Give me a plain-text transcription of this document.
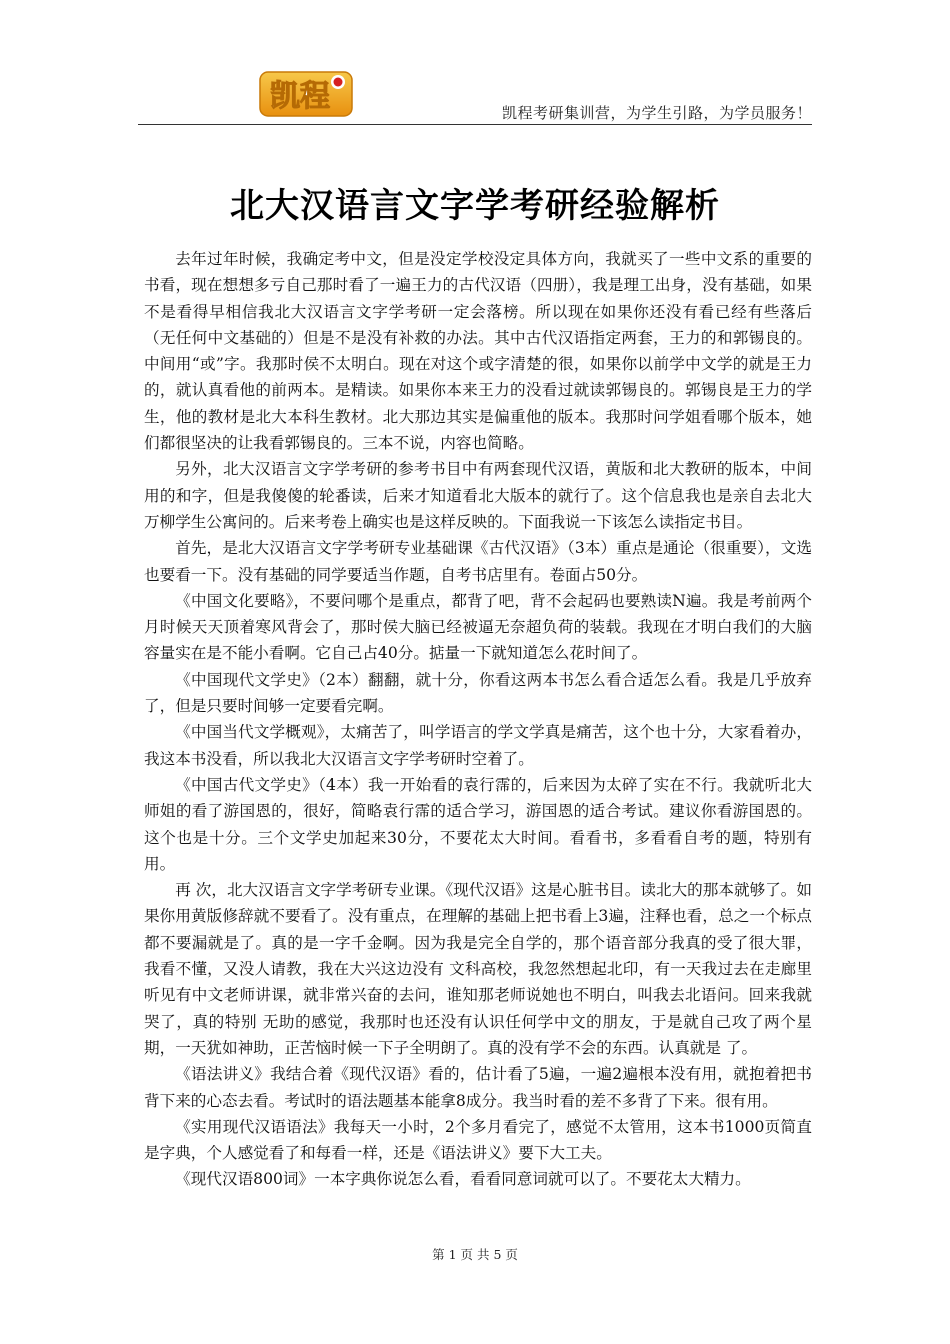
凯程	凯程考研集训营，为学生引路，为学员服务！
北大汉语言文字学考研经验解析

去年过年时候，我确定考中文，但是没定学校没定具体方向，我就买了一些中文系的重要的书看，现在想想多亏自己那时看了一遍王力的古代汉语（四册），我是理工出身，没有基础，如果不是看得早相信我北大汉语言文字学考研一定会落榜。所以现在如果你还没有看已经有些落后（无任何中文基础的）但是不是没有补救的办法。其中古代汉语指定两套，王力的和郭锡良的。中间用“或”字。我那时侯不太明白。现在对这个或字清楚的很，如果你以前学中文学的就是王力的，就认真看他的前两本。是精读。如果你本来王力的没看过就读郭锡良的。郭锡良是王力的学生，他的教材是北大本科生教材。北大那边其实是偏重他的版本。我那时问学姐看哪个版本，她们都很坚决的让我看郭锡良的。三本不说，内容也简略。

另外，北大汉语言文字学考研的参考书目中有两套现代汉语，黄版和北大教研的版本，中间用的和字，但是我傻傻的轮番读，后来才知道看北大版本的就行了。这个信息我也是亲自去北大万柳学生公寓问的。后来考卷上确实也是这样反映的。下面我说一下该怎么读指定书目。

首先，是北大汉语言文字学考研专业基础课《古代汉语》（3本）重点是通论（很重要），文选也要看一下。没有基础的同学要适当作题，自考书店里有。卷面占50分。

《中国文化要略》，不要问哪个是重点，都背了吧，背不会起码也要熟读N遍。我是考前两个月时候天天顶着寒风背会了，那时侯大脑已经被逼无奈超负荷的装载。我现在才明白我们的大脑容量实在是不能小看啊。它自己占40分。掂量一下就知道怎么花时间了。

《中国现代文学史》（2本）翻翻，就十分，你看这两本书怎么看合适怎么看。我是几乎放弃了，但是只要时间够一定要看完啊。

《中国当代文学概观》，太痛苦了，叫学语言的学文学真是痛苦，这个也十分，大家看着办，我这本书没看，所以我北大汉语言文字学考研时空着了。

《中国古代文学史》（4本）我一开始看的袁行霈的，后来因为太碎了实在不行。我就听北大师姐的看了游国恩的，很好，简略袁行霈的适合学习，游国恩的适合考试。建议你看游国恩的。这个也是十分。三个文学史加起来30分，不要花太大时间。看看书，多看看自考的题，特别有用。

再 次，北大汉语言文字学考研专业课。《现代汉语》这是心脏书目。读北大的那本就够了。如果你用黄版修辞就不要看了。没有重点，在理解的基础上把书看上3遍，注释也看，总之一个标点都不要漏就是了。真的是一字千金啊。因为我是完全自学的，那个语音部分我真的受了很大罪，我看不懂，又没人请教，我在大兴这边没有 文科高校，我忽然想起北印，有一天我过去在走廊里听见有中文老师讲课，就非常兴奋的去问，谁知那老师说她也不明白，叫我去北语问。回来我就哭了，真的特别 无助的感觉，我那时也还没有认识任何学中文的朋友，于是就自己攻了两个星期，一天犹如神助，正苦恼时候一下子全明朗了。真的没有学不会的东西。认真就是 了。

《语法讲义》我结合着《现代汉语》看的，估计看了5遍，一遍2遍根本没有用，就抱着把书背下来的心态去看。考试时的语法题基本能拿8成分。我当时看的差不多背了下来。很有用。

《实用现代汉语语法》我每天一小时，2个多月看完了，感觉不太管用，这本书1000页简直是字典，个人感觉看了和每看一样，还是《语法讲义》要下大工夫。

《现代汉语800词》一本字典你说怎么看，看看同意词就可以了。不要花太大精力。

第 1 页 共 5 页
